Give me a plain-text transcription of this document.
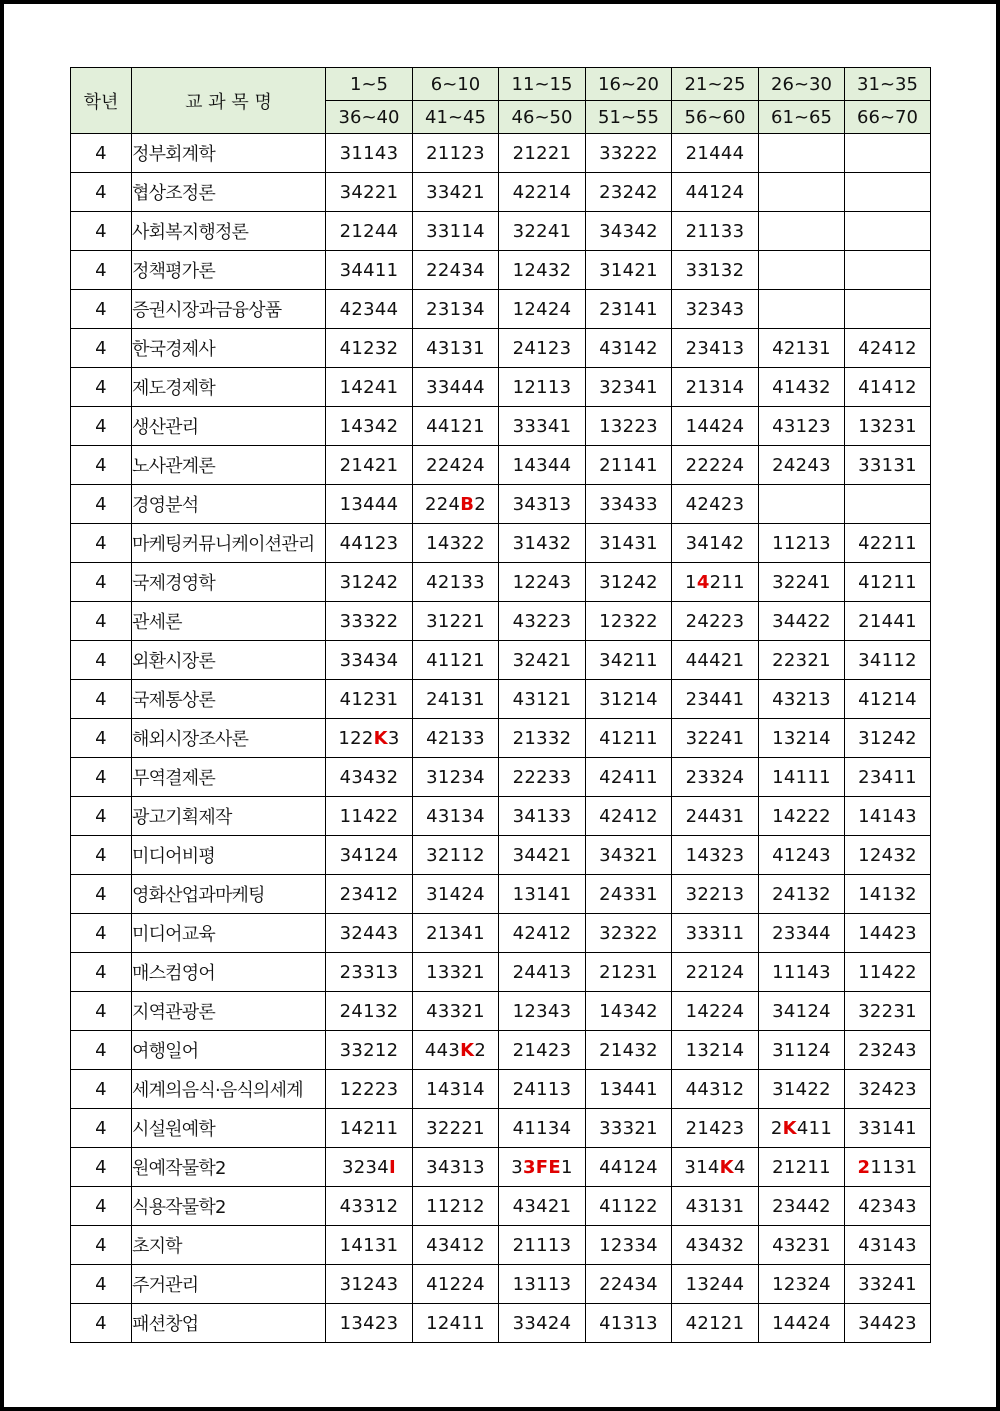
학년	교 과 목 명	1~5	6~10	11~15	16~20	21~25	26~30	31~35
		36~40	41~45	46~50	51~55	56~60	61~65	66~70
4	정부회계학	31143	21123	21221	33222	21444		
4	협상조정론	34221	33421	42214	23242	44124		
4	사회복지행정론	21244	33114	32241	34342	21133		
4	정책평가론	34411	22434	12432	31421	33132		
4	증권시장과금융상품	42344	23134	12424	23141	32343		
4	한국경제사	41232	43131	24123	43142	23413	42131	42412
4	제도경제학	14241	33444	12113	32341	21314	41432	41412
4	생산관리	14342	44121	33341	13223	14424	43123	13231
4	노사관계론	21421	22424	14344	21141	22224	24243	33131
4	경영분석	13444	224B2	34313	33433	42423		
4	마케팅커뮤니케이션관리	44123	14322	31432	31431	34142	11213	42211
4	국제경영학	31242	42133	12243	31242	14211	32241	41211
4	관세론	33322	31221	43223	12322	24223	34422	21441
4	외환시장론	33434	41121	32421	34211	44421	22321	34112
4	국제통상론	41231	24131	43121	31214	23441	43213	41214
4	해외시장조사론	122K3	42133	21332	41211	32241	13214	31242
4	무역결제론	43432	31234	22233	42411	23324	14111	23411
4	광고기획제작	11422	43134	34133	42412	24431	14222	14143
4	미디어비평	34124	32112	34421	34321	14323	41243	12432
4	영화산업과마케팅	23412	31424	13141	24331	32213	24132	14132
4	미디어교육	32443	21341	42412	32322	33311	23344	14423
4	매스컴영어	23313	13321	24413	21231	22124	11143	11422
4	지역관광론	24132	43321	12343	14342	14224	34124	32231
4	여행일어	33212	443K2	21423	21432	13214	31124	23243
4	세계의음식·음식의세계	12223	14314	24113	13441	44312	31422	32423
4	시설원예학	14211	32221	41134	33321	21423	2K411	33141
4	원예작물학2	3234I	34313	33FE1	44124	314K4	21211	21131
4	식용작물학2	43312	11212	43421	41122	43131	23442	42343
4	초지학	14131	43412	21113	12334	43432	43231	43143
4	주거관리	31243	41224	13113	22434	13244	12324	33241
4	패션창업	13423	12411	33424	41313	42121	14424	34423
